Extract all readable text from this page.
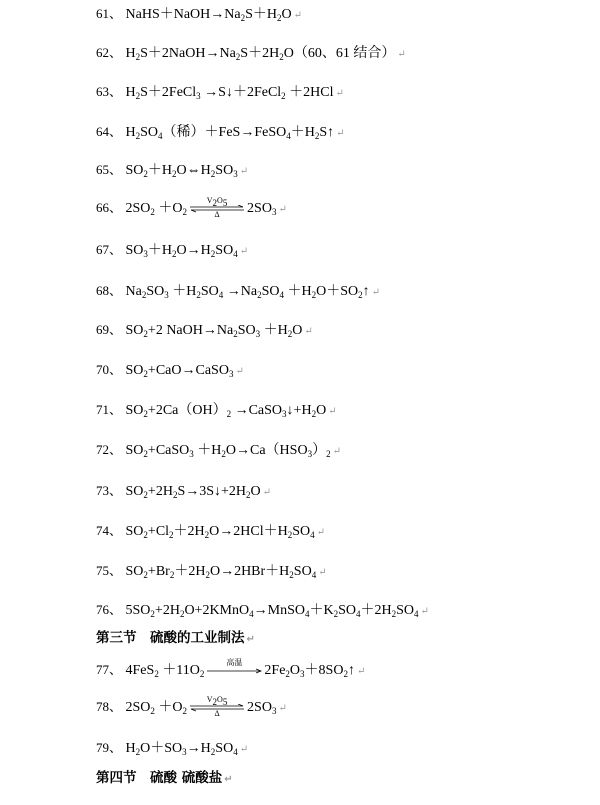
61、 $NaHS+NaOH\to Na_2S+H_2O$ ↵
62、 $H_2S+2NaOH\to Na_2S+2H_2O(60$、61 结合） ↵
63、 $H_2S+2FeCl_3$ →S↓＋2FeCl$_2$ ＋2HCl ↵
64、 $H_2SO_4$（稀）$+FeS\to FeSO_4+H_2S↑$ ↵
65、 $SO_2+H_2O\Leftrightarrow H_2SO_3$ ↵
66、 $2SO_2 +O_2$
$V_2O_5$
Δ	$2SO_3$ ↵
67、 $SO_3+H_2O\to H_2SO_4$ ↵
68、 $Na_2SO_3 +H_2SO_4 \to Na_2SO_4$ $+H_2O+SO_2↑$ ↵
69、 $SO_2+2$ $NaOH\to Na_2SO_3 +H_2O$ ↵
70、 $SO_2+CaO\to CaSO_3$ ↵
71、 $SO_2+2Ca(OH)_2$ $\to CaSO_3↓+H_2O$ ↵
72、 $SO_2+CaSO_3 +H_2O\to Ca(HSO_3)_2$ ↵
73、 $SO_2+2H_2S\to 3S↓+2H_2O$ ↵
74、 $SO_2+Cl_2+2H_2O\to 2HCl+H_2SO_4$ ↵
75、 $SO_2+Br_2+2H_2O\to 2HBr+H_2SO_4$ ↵
76、 $5SO_2+2H_2O+2KMnO_4\to MnSO_4+K_2SO_4+2H_2SO_4$ ↵
第三节　硫酸的工业制法 ↵
77、 $4FeS_2 +11O_2$
高温
$2Fe_2O_3+8SO_2↑$ ↵
78、 $2SO_2 +O_2$
$V_2O_5$
Δ	$2SO_3$ ↵
79、 $H_2O+SO_3\to H_2SO_4$ ↵
第四节　硫酸 硫酸盐 ↵
